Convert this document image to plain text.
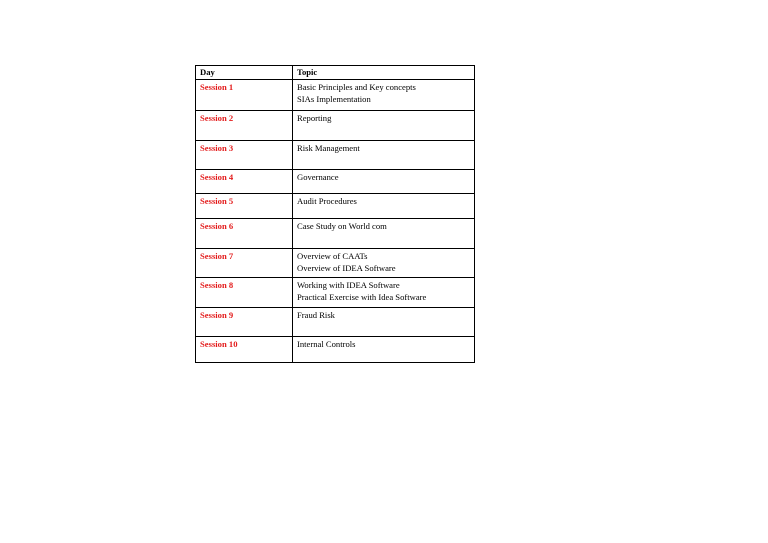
Day	Topic
Session 1	Basic Principles and Key concepts
SIAs Implementation

Session 2	Reporting

Session 3	Risk Management

Session 4	Governance

Session 5	Audit Procedures

Session 6	Case Study on World com

Session 7	Overview of CAATs
Overview of IDEA Software

Session 8	Working with IDEA Software
Practical Exercise with Idea Software

Session 9	Fraud Risk

Session 10	Internal Controls
